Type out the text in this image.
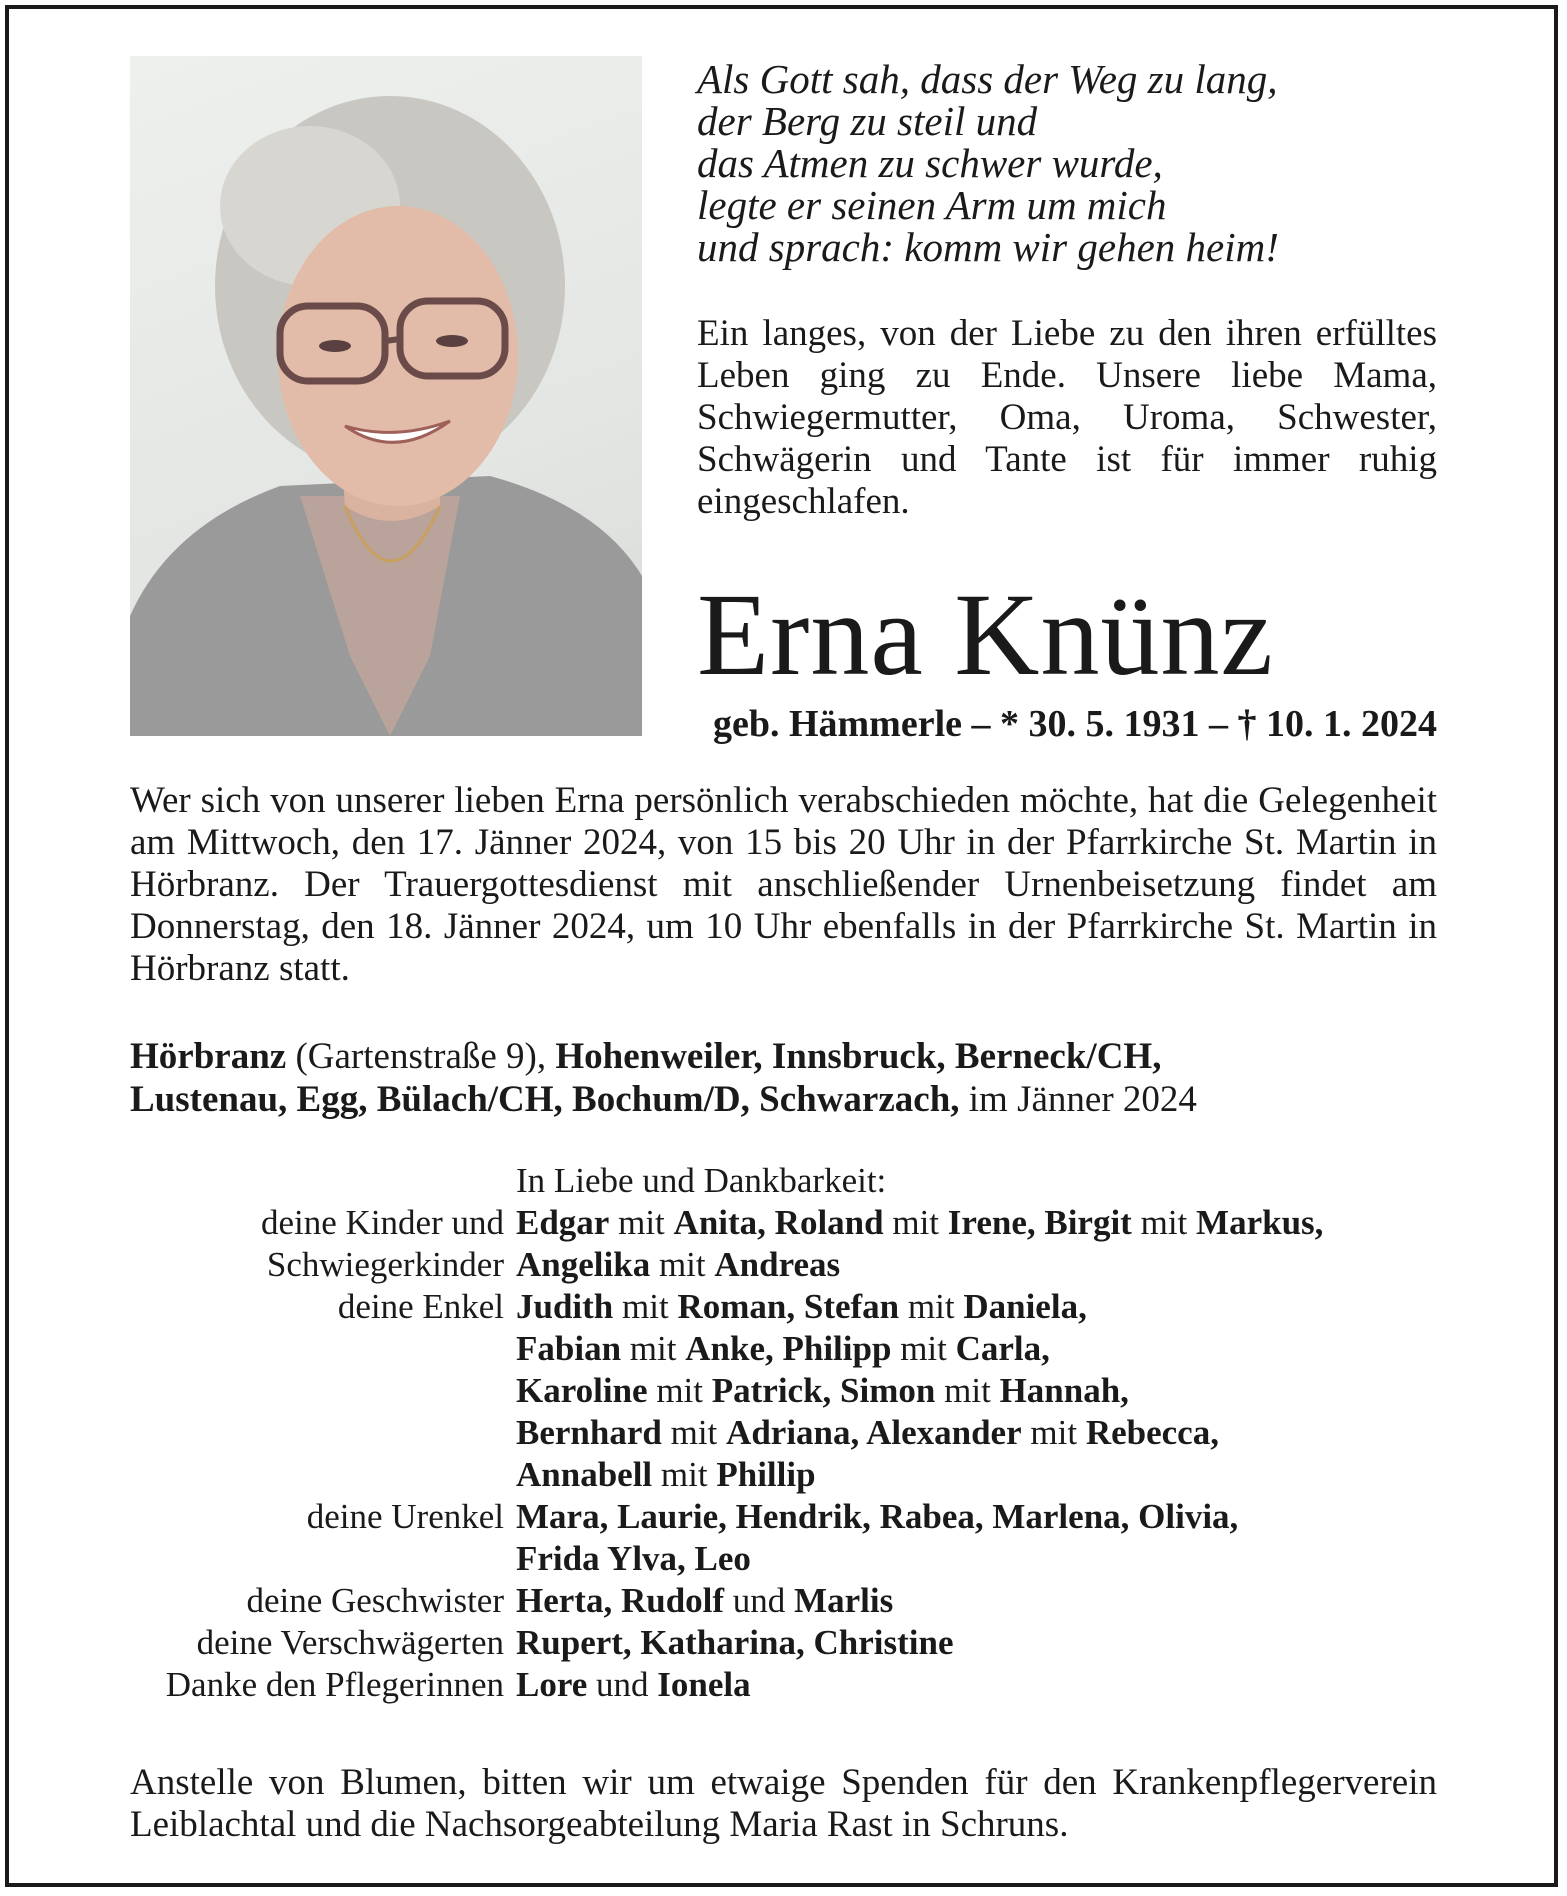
Als Gott sah, dass der Weg zu lang,
der Berg zu steil und
das Atmen zu schwer wurde,
legte er seinen Arm um mich
und sprach: komm wir gehen heim!
Ein langes, von der Liebe zu den ihren erfülltes Leben ging zu Ende. Unsere liebe Mama, Schwiegermutter, Oma, Uroma, Schwester, Schwägerin und Tante ist für immer ruhig eingeschlafen.
Erna Knünz
geb. Hämmerle – * 30. 5. 1931 – † 10. 1. 2024
Wer sich von unserer lieben Erna persönlich verabschieden möchte, hat die Gelegenheit am Mittwoch, den 17. Jänner 2024, von 15 bis 20 Uhr in der Pfarrkirche St. Martin in Hörbranz. Der Trauergottesdienst mit anschließender Urnenbeisetzung findet am Donnerstag, den 18. Jänner 2024, um 10 Uhr ebenfalls in der Pfarrkirche St. Martin in Hörbranz statt.
Hörbranz (Gartenstraße 9), Hohenweiler, Innsbruck, Berneck/CH,
Lustenau, Egg, Bülach/CH, Bochum/D, Schwarzach, im Jänner 2024
In Liebe und Dankbarkeit:
deine Kinder und Edgar mit Anita, Roland mit Irene, Birgit mit Markus,
Schwiegerkinder Angelika mit Andreas
deine Enkel Judith mit Roman, Stefan mit Daniela,
Fabian mit Anke, Philipp mit Carla,
Karoline mit Patrick, Simon mit Hannah,
Bernhard mit Adriana, Alexander mit Rebecca,
Annabell mit Phillip
deine Urenkel Mara, Laurie, Hendrik, Rabea, Marlena, Olivia,
Frida Ylva, Leo
deine Geschwister Herta, Rudolf und Marlis
deine Verschwägerten Rupert, Katharina, Christine
Danke den Pflegerinnen Lore und Ionela
Anstelle von Blumen, bitten wir um etwaige Spenden für den Krankenpflegerverein Leiblachtal und die Nachsorgeabteilung Maria Rast in Schruns.
